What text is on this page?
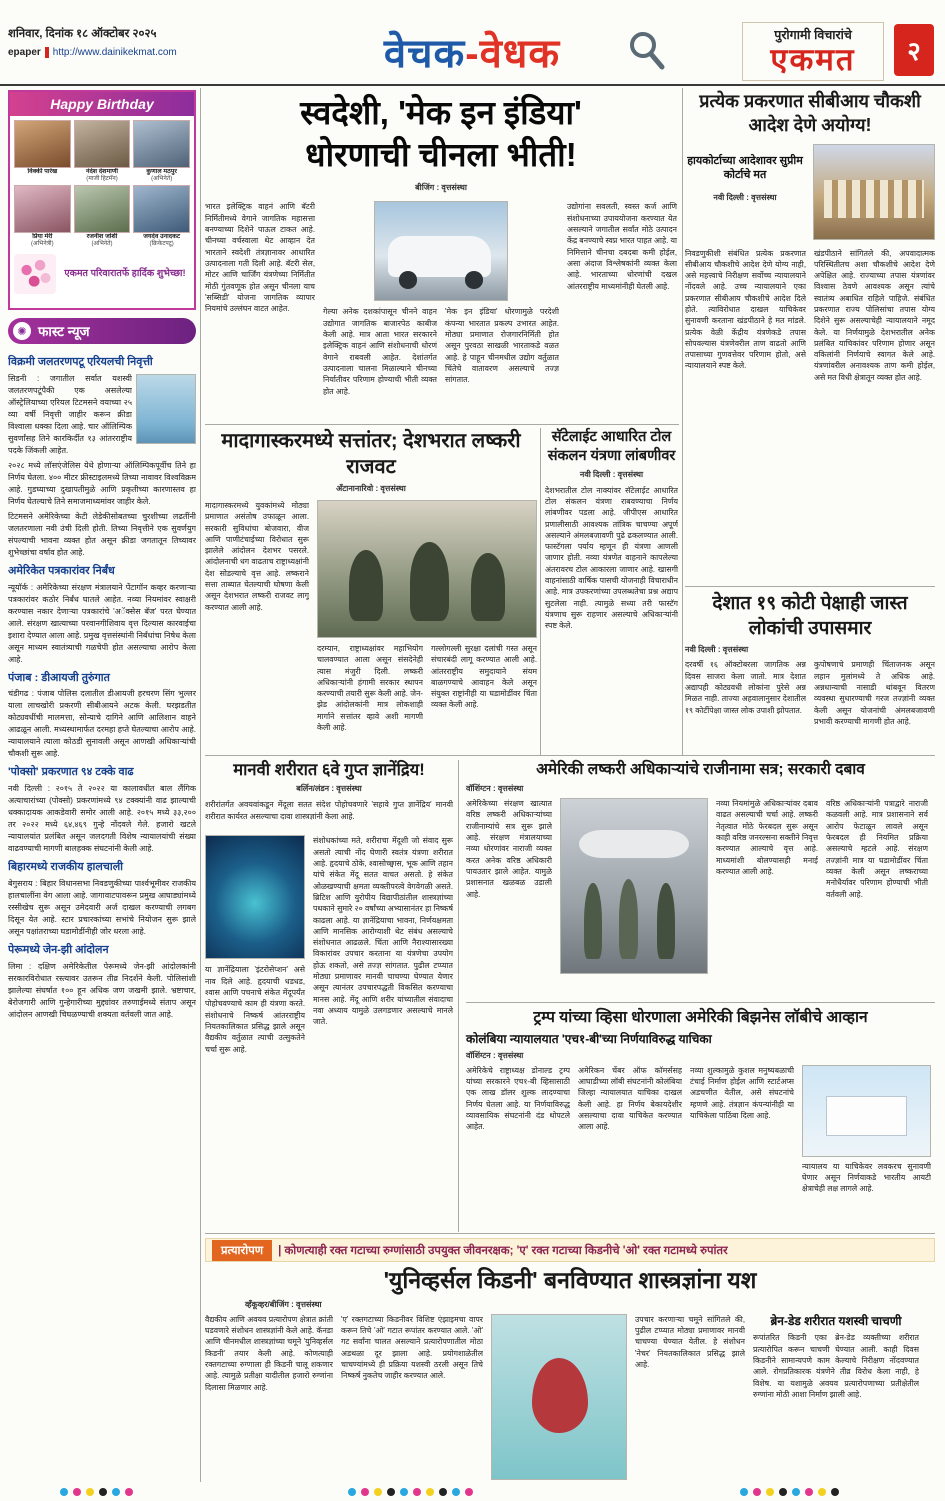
शनिवार, दिनांक १८ ऑक्टोबर २०२५
epaper http://www.dainikekmat.com	वेचक-वेधक	पुरोगामी विचारांचे
एकमत	२
Happy Birthday
विक्की पारेख	नंदेश देशमाणी
(माजी हिटमॅन)
कुणाल मठपुर
(अभिनेते)
प्रिया मेरी
(अभिनेत्री)
रजनीश जोशी
(अभिनेते)
जयदेव उनादकट
(क्रिकेटपटू)
एकमत परिवारातर्फे हार्दिक शुभेच्छा!
✺ फास्ट न्यूज
विक्रमी जलतरणपटू एरियलची निवृत्ती

सिडनी : जगातील सर्वात यशस्वी जलतरणपटूंपैकी एक असलेल्या ऑस्ट्रेलियाच्या एरियल टिटमसने वयाच्या २५ व्या वर्षी निवृत्ती जाहीर करून क्रीडा विश्वाला धक्का दिला आहे. चार ऑलिम्पिक सुवर्णांसह तिने कारकिर्दीत १३ आंतरराष्ट्रीय पदके जिंकली आहेत.

२०२८ मध्ये लॉसएंजेलिस येथे होणाऱ्या ऑलिम्पिकपूर्वीच तिने हा निर्णय घेतला. ४०० मीटर फ्रीस्टाइलमध्ये तिच्या नावावर विश्वविक्रम आहे. गुडघ्याच्या दुखापतीमुळे आणि प्रकृतीच्या कारणास्तव हा निर्णय घेतल्याचे तिने समाजमाध्यमांवर जाहीर केले.

टिटमसने अमेरिकेच्या केटी लेडेकीसोबतच्या चुरशीच्या लढतींनी जलतरणाला नवी उंची दिली होती. तिच्या निवृत्तीने एक सुवर्णयुग संपल्याची भावना व्यक्त होत असून क्रीडा जगतातून तिच्यावर शुभेच्छांचा वर्षाव होत आहे.

अमेरिकेत पत्रकारांवर निर्बंध

न्यूयॉर्क : अमेरिकेच्या संरक्षण मंत्रालयाने पेंटागॉन कव्हर करणाऱ्या पत्रकारांवर कठोर निर्बंध घातले आहेत. नव्या नियमांवर स्वाक्षरी करण्यास नकार देणाऱ्या पत्रकारांचे 'अॅक्सेस बॅज' परत घेण्यात आले. संरक्षण खात्याच्या परवानगीशिवाय वृत्त दिल्यास कारवाईचा इशारा देण्यात आला आहे. प्रमुख वृत्तसंस्थांनी निर्बंधांचा निषेध केला असून माध्यम स्वातंत्र्याची गळचेपी होत असल्याचा आरोप केला आहे.

पंजाब : डीआयजी तुरुंगात

चंडीगढ : पंजाब पोलिस दलातील डीआयजी हरचरण सिंग भुल्लर याला लाचखोरी प्रकरणी सीबीआयने अटक केली. घरझडतीत कोट्यवधींची मालमत्ता, सोन्याचे दागिने आणि आलिशान वाहने आढळून आली. मध्यस्थामार्फत दरमहा हप्ते घेतल्याचा आरोप आहे. न्यायालयाने त्याला कोठडी सुनावली असून आणखी अधिकाऱ्यांची चौकशी सुरू आहे.

'पोक्सो' प्रकरणात ९४ टक्के वाढ

नवी दिल्ली : २०१५ ते २०२२ या कालावधीत बाल लैंगिक अत्याचारांच्या (पोक्सो) प्रकरणांमध्ये ९४ टक्क्यांनी वाढ झाल्याची धक्कादायक आकडेवारी समोर आली आहे. २०१५ मध्ये ३३,२०० तर २०२२ मध्ये ६४,४६९ गुन्हे नोंदवले गेले. हजारो खटले न्यायालयांत प्रलंबित असून जलदगती विशेष न्यायालयांची संख्या वाढवण्याची मागणी बालहक्क संघटनांनी केली आहे.

बिहारमध्ये राजकीय हालचाली

बेगुसराय : बिहार विधानसभा निवडणुकीच्या पार्श्वभूमीवर राजकीय हालचालींना वेग आला आहे. जागावाटपावरून प्रमुख आघाड्यांमध्ये रस्सीखेच सुरू असून उमेदवारी अर्ज दाखल करण्याची लगबग दिसून येत आहे. स्टार प्रचारकांच्या सभांचे नियोजन सुरू झाले असून पक्षांतराच्या घडामोडींनीही जोर धरला आहे.

पेरूमध्ये जेन-झी आंदोलन

लिमा : दक्षिण अमेरिकेतील पेरूमध्ये जेन-झी आंदोलकांनी सरकारविरोधात रस्त्यावर उतरून तीव्र निदर्शने केली. पोलिसांशी झालेल्या संघर्षात १०० हून अधिक जण जखमी झाले. भ्रष्टाचार, बेरोजगारी आणि गुन्हेगारीच्या मुद्द्यांवर तरुणाईमध्ये संताप असून आंदोलन आणखी चिघळण्याची शक्यता वर्तवली जात आहे.

स्वदेशी, 'मेक इन इंडिया'
धोरणाची चीनला भीती!
बीजिंग : वृत्तसंस्था
भारत इलेक्ट्रिक वाहनं आणि बॅटरी निर्मितीमध्ये वेगाने जागतिक महासत्ता बनण्याच्या दिशेने पाऊल टाकत आहे. चीनच्या वर्चस्वाला थेट आव्हान देत भारताने स्वदेशी तंत्रज्ञानावर आधारित उत्पादनाला गती दिली आहे. बॅटरी सेल, मोटर आणि चार्जिंग यंत्रणेच्या निर्मितीत मोठी गुंतवणूक होत असून चीनला याच 'सब्सिडी' योजना जागतिक व्यापार नियमांचे उल्लंघन वाटत आहेत.	गेल्या अनेक दशकांपासून चीनने वाहन उद्योगात जागतिक बाजारपेठ काबीज केली आहे. मात्र आता भारत सरकारने इलेक्ट्रिक वाहनं आणि संशोधनाची धोरणं वेगाने राबवली आहेत. देशांतर्गत उत्पादनाला चालना मिळाल्याने चीनच्या निर्यातीवर परिणाम होण्याची भीती व्यक्त होत आहे.
'मेक इन इंडिया' धोरणामुळे परदेशी कंपन्या भारतात प्रकल्प उभारत आहेत. मोठ्या प्रमाणात रोजगारनिर्मिती होत असून पुरवठा साखळी भारताकडे वळत आहे. हे पाहून चीनमधील उद्योग वर्तुळात चिंतेचे वातावरण असल्याचे तज्ज्ञ सांगतात.
उद्योगांना सवलती, स्वस्त कर्ज आणि संशोधनाच्या उपाययोजना करण्यात येत असल्याने जगातील सर्वांत मोठे उत्पादन केंद्र बनण्याचे स्वप्न भारत पाहत आहे. या निमित्ताने चीनचा दबदबा कमी होईल, असा अंदाज विश्लेषकांनी व्यक्त केला आहे. भारताच्या धोरणांची दखल आंतरराष्ट्रीय माध्यमांनीही घेतली आहे.
प्रत्येक प्रकरणात सीबीआय चौकशी आदेश देणे अयोग्य!
हायकोर्टाच्या आदेशावर सुप्रीम कोर्टाचे मत
नवी दिल्ली : वृत्तसंस्था
निवडणुकीशी संबंधित प्रत्येक प्रकरणात सीबीआय चौकशीचे आदेश देणे योग्य नाही, असे महत्त्वाचे निरीक्षण सर्वोच्च न्यायालयाने नोंदवले आहे. उच्च न्यायालयाने एका प्रकरणात सीबीआय चौकशीचे आदेश दिले होते. त्याविरोधात दाखल याचिकेवर सुनावणी करताना खंडपीठाने हे मत मांडले. प्रत्येक वेळी केंद्रीय यंत्रणेकडे तपास सोपवल्यास यंत्रणेवरील ताण वाढतो आणि तपासाच्या गुणवत्तेवर परिणाम होतो, असे न्यायालयाने स्पष्ट केले.
खंडपीठाने सांगितले की, अपवादात्मक परिस्थितीतच अशा चौकशीचे आदेश देणे अपेक्षित आहे. राज्याच्या तपास यंत्रणांवर विश्वास ठेवणे आवश्यक असून त्यांचे स्वातंत्र्य अबाधित राहिले पाहिजे. संबंधित प्रकरणात राज्य पोलिसांचा तपास योग्य दिशेने सुरू असल्याचेही न्यायालयाने नमूद केले. या निर्णयामुळे देशभरातील अनेक प्रलंबित याचिकांवर परिणाम होणार असून वकिलांनी निर्णयाचे स्वागत केले आहे. यंत्रणांवरील अनावश्यक ताण कमी होईल, असे मत विधी क्षेत्रातून व्यक्त होत आहे.
मादागास्करमध्ये सत्तांतर; देशभरात लष्करी राजवट
अँटानानारिवो : वृत्तसंस्था
मादागास्करमध्ये युवकांमध्ये मोठ्या प्रमाणात असंतोष उफाळून आला. सरकारी सुविधांचा बोजवारा, वीज आणि पाणीटंचाईच्या विरोधात सुरू झालेले आंदोलन देशभर पसरले. आंदोलनाची धग वाढताच राष्ट्राध्यक्षांनी देश सोडल्याचे वृत्त आहे. लष्कराने सत्ता ताब्यात घेतल्याची घोषणा केली असून देशभरात लष्करी राजवट लागू करण्यात आली आहे.
दरम्यान, राष्ट्राध्यक्षांवर महाभियोग चालवण्यात आला असून संसदेनेही त्यास मंजुरी दिली. लष्करी अधिकाऱ्यांनी हंगामी सरकार स्थापन करण्याची तयारी सुरू केली आहे. जेन-झेड आंदोलकांनी मात्र लोकशाही मार्गाने सत्तांतर व्हावे अशी मागणी केली आहे.
गल्लोगल्ली सुरक्षा दलांची गस्त असून संचारबंदी लागू करण्यात आली आहे. आंतरराष्ट्रीय समुदायाने संयम बाळगण्याचे आवाहन केले असून संयुक्त राष्ट्रांनीही या घडामोडींवर चिंता व्यक्त केली आहे.
सॅटेलाईट आधारित टोल संकलन यंत्रणा लांबणीवर
नवी दिल्ली : वृत्तसंस्था
देशभरातील टोल नाक्यांवर सॅटेलाईट आधारित टोल संकलन यंत्रणा राबवण्याचा निर्णय लांबणीवर पडला आहे. जीपीएस आधारित प्रणालीसाठी आवश्यक तांत्रिक चाचण्या अपूर्ण असल्याने अंमलबजावणी पुढे ढकलण्यात आली. फास्टॅगला पर्याय म्हणून ही यंत्रणा आणली जाणार होती. नव्या यंत्रणेत वाहनाने कापलेल्या अंतरावरच टोल आकारला जाणार आहे. खासगी वाहनांसाठी वार्षिक पासची योजनाही विचाराधीन आहे. मात्र उपकरणांच्या उपलब्धतेचा प्रश्न अद्याप सुटलेला नाही. त्यामुळे सध्या तरी फास्टॅग यंत्रणाच सुरू राहणार असल्याचे अधिकाऱ्यांनी स्पष्ट केले.
देशात १९ कोटी पेक्षाही जास्त लोकांची उपासमार
नवी दिल्ली : वृत्तसंस्था
दरवर्षी १६ ऑक्टोबरला जागतिक अन्न दिवस साजरा केला जातो. मात्र देशात अद्यापही कोट्यवधी लोकांना पुरेसे अन्न मिळत नाही. ताज्या अहवालानुसार देशातील १९ कोटींपेक्षा जास्त लोक उपाशी झोपतात.
कुपोषणाचे प्रमाणही चिंताजनक असून लहान मुलांमध्ये ते अधिक आहे. अन्नधान्याची नासाडी थांबवून वितरण व्यवस्था सुधारण्याची गरज तज्ज्ञांनी व्यक्त केली असून योजनांची अंमलबजावणी प्रभावी करण्याची मागणी होत आहे.
मानवी शरीरात ६वे गुप्त ज्ञानेंद्रिय!
बर्लिन/लंडन : वृत्तसंस्था
शरीरांतर्गत अवयवांकडून मेंदूला सतत संदेश पोहोचवणारे 'सहावे गुप्त ज्ञानेंद्रिय' मानवी शरीरात कार्यरत असल्याचा दावा शास्त्रज्ञांनी केला आहे.
या ज्ञानेंद्रियाला 'इंटरोसेप्शन' असे नाव दिले आहे. हृदयाची धडधड, श्वास आणि पचनाचे संकेत मेंदूपर्यंत पोहोचवण्याचे काम ही यंत्रणा करते. संशोधनाचे निष्कर्ष आंतरराष्ट्रीय नियतकालिकात प्रसिद्ध झाले असून वैद्यकीय वर्तुळात त्याची उत्सुकतेने चर्चा सुरू आहे.
संशोधकांच्या मते, शरीराचा मेंदूशी जो संवाद सुरू असतो त्याची नोंद घेणारी स्वतंत्र यंत्रणा शरीरात आहे. हृदयाचे ठोके, श्वासोच्छ्वास, भूक आणि तहान यांचे संकेत मेंदू सतत वाचत असतो. हे संकेत ओळखण्याची क्षमता व्यक्तीपरत्वे वेगवेगळी असते. ब्रिटिश आणि युरोपीय विद्यापीठांतील शास्त्रज्ञांच्या पथकाने सुमारे २० वर्षांच्या अभ्यासानंतर हा निष्कर्ष काढला आहे. या ज्ञानेंद्रियाचा भावना, निर्णयक्षमता आणि मानसिक आरोग्याशी थेट संबंध असल्याचे संशोधनात आढळले. चिंता आणि नैराश्यासारख्या विकारांवर उपचार करताना या यंत्रणेचा उपयोग होऊ शकतो, असे तज्ज्ञ सांगतात. पुढील टप्प्यात मोठ्या प्रमाणावर मानवी चाचण्या घेण्यात येणार असून त्यानंतर उपचारपद्धती विकसित करण्याचा मानस आहे. मेंदू आणि शरीर यांच्यातील संवादाचा नवा अध्याय यामुळे उलगडणार असल्याचे मानले जाते.
अमेरिकी लष्करी अधिकाऱ्यांचे राजीनामा सत्र; सरकारी दबाव
वॉशिंग्टन : वृत्तसंस्था
अमेरिकेच्या संरक्षण खात्यात वरिष्ठ लष्करी अधिकाऱ्यांच्या राजीनाम्यांचे सत्र सुरू झाले आहे. संरक्षण मंत्रालयाच्या नव्या धोरणांवर नाराजी व्यक्त करत अनेक वरिष्ठ अधिकारी पायउतार झाले आहेत. यामुळे प्रशासनात खळबळ उडाली आहे.
नव्या नियमांमुळे अधिकाऱ्यांवर दबाव वाढत असल्याची चर्चा आहे. लष्करी नेतृत्वात मोठे फेरबदल सुरू असून काही वरिष्ठ जनरल्सना सक्तीने निवृत्त करण्यात आल्याचे वृत्त आहे. माध्यमांशी बोलण्यासही मनाई करण्यात आली आहे.
वरिष्ठ अधिकाऱ्यांनी पत्राद्वारे नाराजी कळवली आहे. मात्र प्रशासनाने सर्व आरोप फेटाळून लावले असून फेरबदल ही नियमित प्रक्रिया असल्याचे म्हटले आहे. संरक्षण तज्ज्ञांनी मात्र या घडामोडींवर चिंता व्यक्त केली असून लष्कराच्या मनोधैर्यावर परिणाम होण्याची भीती वर्तवली आहे.
ट्रम्प यांच्या व्हिसा धोरणाला अमेरिकी बिझनेस लॉबीचे आव्हान
कोलंबिया न्यायालयात 'एच१-बी'च्या निर्णयाविरुद्ध याचिका
वॉशिंग्टन : वृत्तसंस्था
अमेरिकेचे राष्ट्राध्यक्ष डोनाल्ड ट्रम्प यांच्या सरकारने एच१-बी व्हिसासाठी एक लाख डॉलर शुल्क लादण्याचा निर्णय घेतला आहे. या निर्णयाविरुद्ध व्यावसायिक संघटनांनी दंड थोपटले आहेत.
अमेरिकन चेंबर ऑफ कॉमर्ससह आघाडीच्या लॉबी संघटनांनी कोलंबिया जिल्हा न्यायालयात याचिका दाखल केली आहे. हा निर्णय बेकायदेशीर असल्याचा दावा याचिकेत करण्यात आला आहे.
नव्या शुल्कामुळे कुशल मनुष्यबळाची टंचाई निर्माण होईल आणि स्टार्टअप्स अडचणीत येतील, असे संघटनांचे म्हणणे आहे. तंत्रज्ञान कंपन्यांनीही या याचिकेला पाठिंबा दिला आहे.
न्यायालय या याचिकेवर लवकरच सुनावणी घेणार असून निर्णयाकडे भारतीय आयटी क्षेत्राचेही लक्ष लागले आहे.
प्रत्यारोपण	| कोणत्याही रक्त गटाच्या रुग्णांसाठी उपयुक्त जीवनरक्षक; 'ए' रक्त गटाच्या किडनीचे 'ओ' रक्त गटामध्ये रुपांतर
'युनिव्हर्सल किडनी' बनविण्यात शास्त्रज्ञांना यश
व्हँकूव्हर/बीजिंग : वृत्तसंस्था
वैद्यकीय आणि अवयव प्रत्यारोपण क्षेत्रात क्रांती घडवणारे संशोधन शास्त्रज्ञांनी केले आहे. कॅनडा आणि चीनमधील शास्त्रज्ञांच्या चमूने 'युनिव्हर्सल किडनी' तयार केली आहे. कोणत्याही रक्तगटाच्या रुग्णाला ही किडनी चालू शकणार आहे. त्यामुळे प्रतीक्षा यादीतील हजारो रुग्णांना दिलासा मिळणार आहे.
'ए' रक्तगटाच्या किडनीवर विशिष्ट एंझाइमचा वापर करून तिचे 'ओ' गटात रूपांतर करण्यात आले. 'ओ' गट सर्वांना चालत असल्याने प्रत्यारोपणातील मोठा अडथळा दूर झाला आहे. प्रयोगशाळेतील चाचण्यांमध्ये ही प्रक्रिया यशस्वी ठरली असून तिचे निष्कर्ष नुकतेच जाहीर करण्यात आले.
उपचार करणाऱ्या चमूने सांगितले की, पुढील टप्प्यात मोठ्या प्रमाणावर मानवी चाचण्या घेण्यात येतील. हे संशोधन 'नेचर' नियतकालिकात प्रसिद्ध झाले आहे.
ब्रेन-डेड शरीरात यशस्वी चाचणी
रूपांतरित किडनी एका ब्रेन-डेड व्यक्तीच्या शरीरात प्रत्यारोपित करून चाचणी घेण्यात आली. काही दिवस किडनीने सामान्यपणे काम केल्याचे निरीक्षण नोंदवण्यात आले. रोगप्रतिकारक यंत्रणेने तीव्र विरोध केला नाही, हे विशेष. या यशामुळे अवयव प्रत्यारोपणाच्या प्रतीक्षेतील रुग्णांना मोठी आशा निर्माण झाली आहे.
